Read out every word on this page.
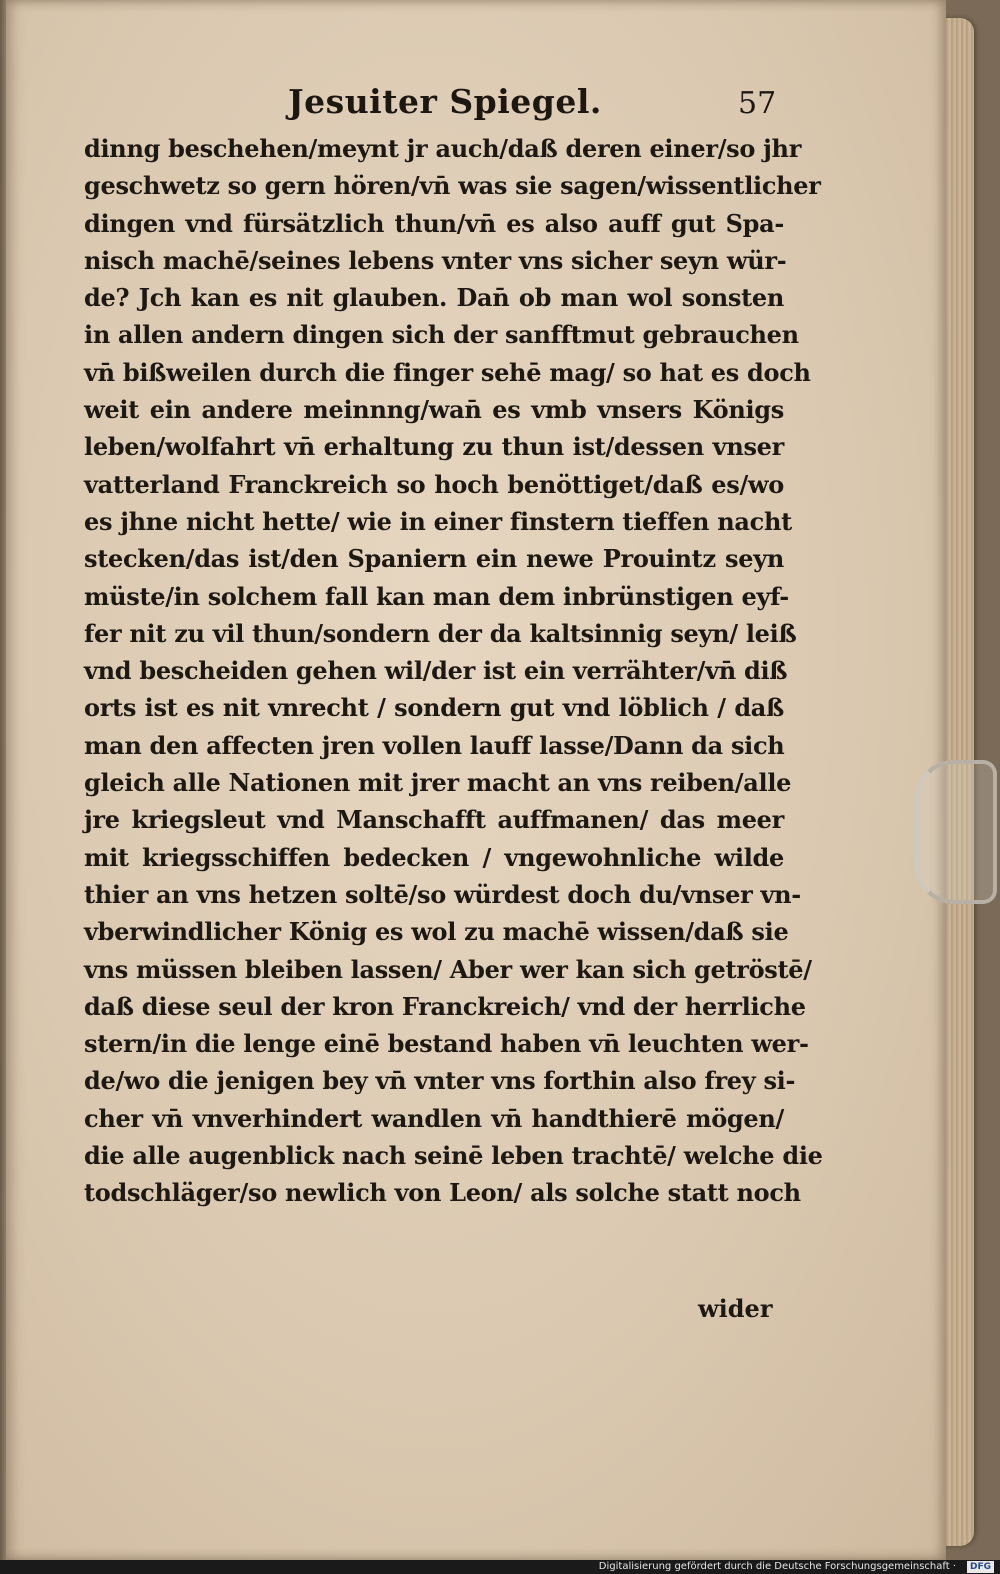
Jesuiter Spiegel.	57
dinng beschehen/meynt jr auch/daß deren einer/so jhr
geschwetz so gern hören/vn̄ was sie sagen/wissentlicher
dingen vnd fürsätzlich thun/vn̄ es also auff gut Spa-
nisch machē/seines lebens vnter vns sicher seyn wür-
de? Jch kan es nit glauben. Dan̄ ob man wol sonsten
in allen andern dingen sich der sanfftmut gebrauchen
vn̄ bißweilen durch die finger sehē mag/ so hat es doch
weit ein andere meinnng/wan̄ es vmb vnsers Königs
leben/wolfahrt vn̄ erhaltung zu thun ist/dessen vnser
vatterland Franckreich so hoch benöttiget/daß es/wo
es jhne nicht hette/ wie in einer finstern tieffen nacht
stecken/das ist/den Spaniern ein newe Prouintz seyn
müste/in solchem fall kan man dem inbrünstigen eyf-
fer nit zu vil thun/sondern der da kaltsinnig seyn/ leiß
vnd bescheiden gehen wil/der ist ein verrähter/vn̄ diß
orts ist es nit vnrecht / sondern gut vnd löblich / daß
man den affecten jren vollen lauff lasse/Dann da sich
gleich alle Nationen mit jrer macht an vns reiben/alle
jre kriegsleut vnd Manschafft auffmanen/ das meer
mit kriegsschiffen bedecken / vngewohnliche wilde
thier an vns hetzen soltē/so würdest doch du/vnser vn-
vberwindlicher König es wol zu machē wissen/daß sie
vns müssen bleiben lassen/ Aber wer kan sich getröstē/
daß diese seul der kron Franckreich/ vnd der herrliche
stern/in die lenge einē bestand haben vn̄ leuchten wer-
de/wo die jenigen bey vn̄ vnter vns forthin also frey si-
cher vn̄ vnverhindert wandlen vn̄ handthierē mögen/
die alle augenblick nach seinē leben trachtē/ welche die
todschläger/so newlich von Leon/ als solche statt noch
wider
Digitalisierung gefördert durch die Deutsche Forschungsgemeinschaft ·	DFG
